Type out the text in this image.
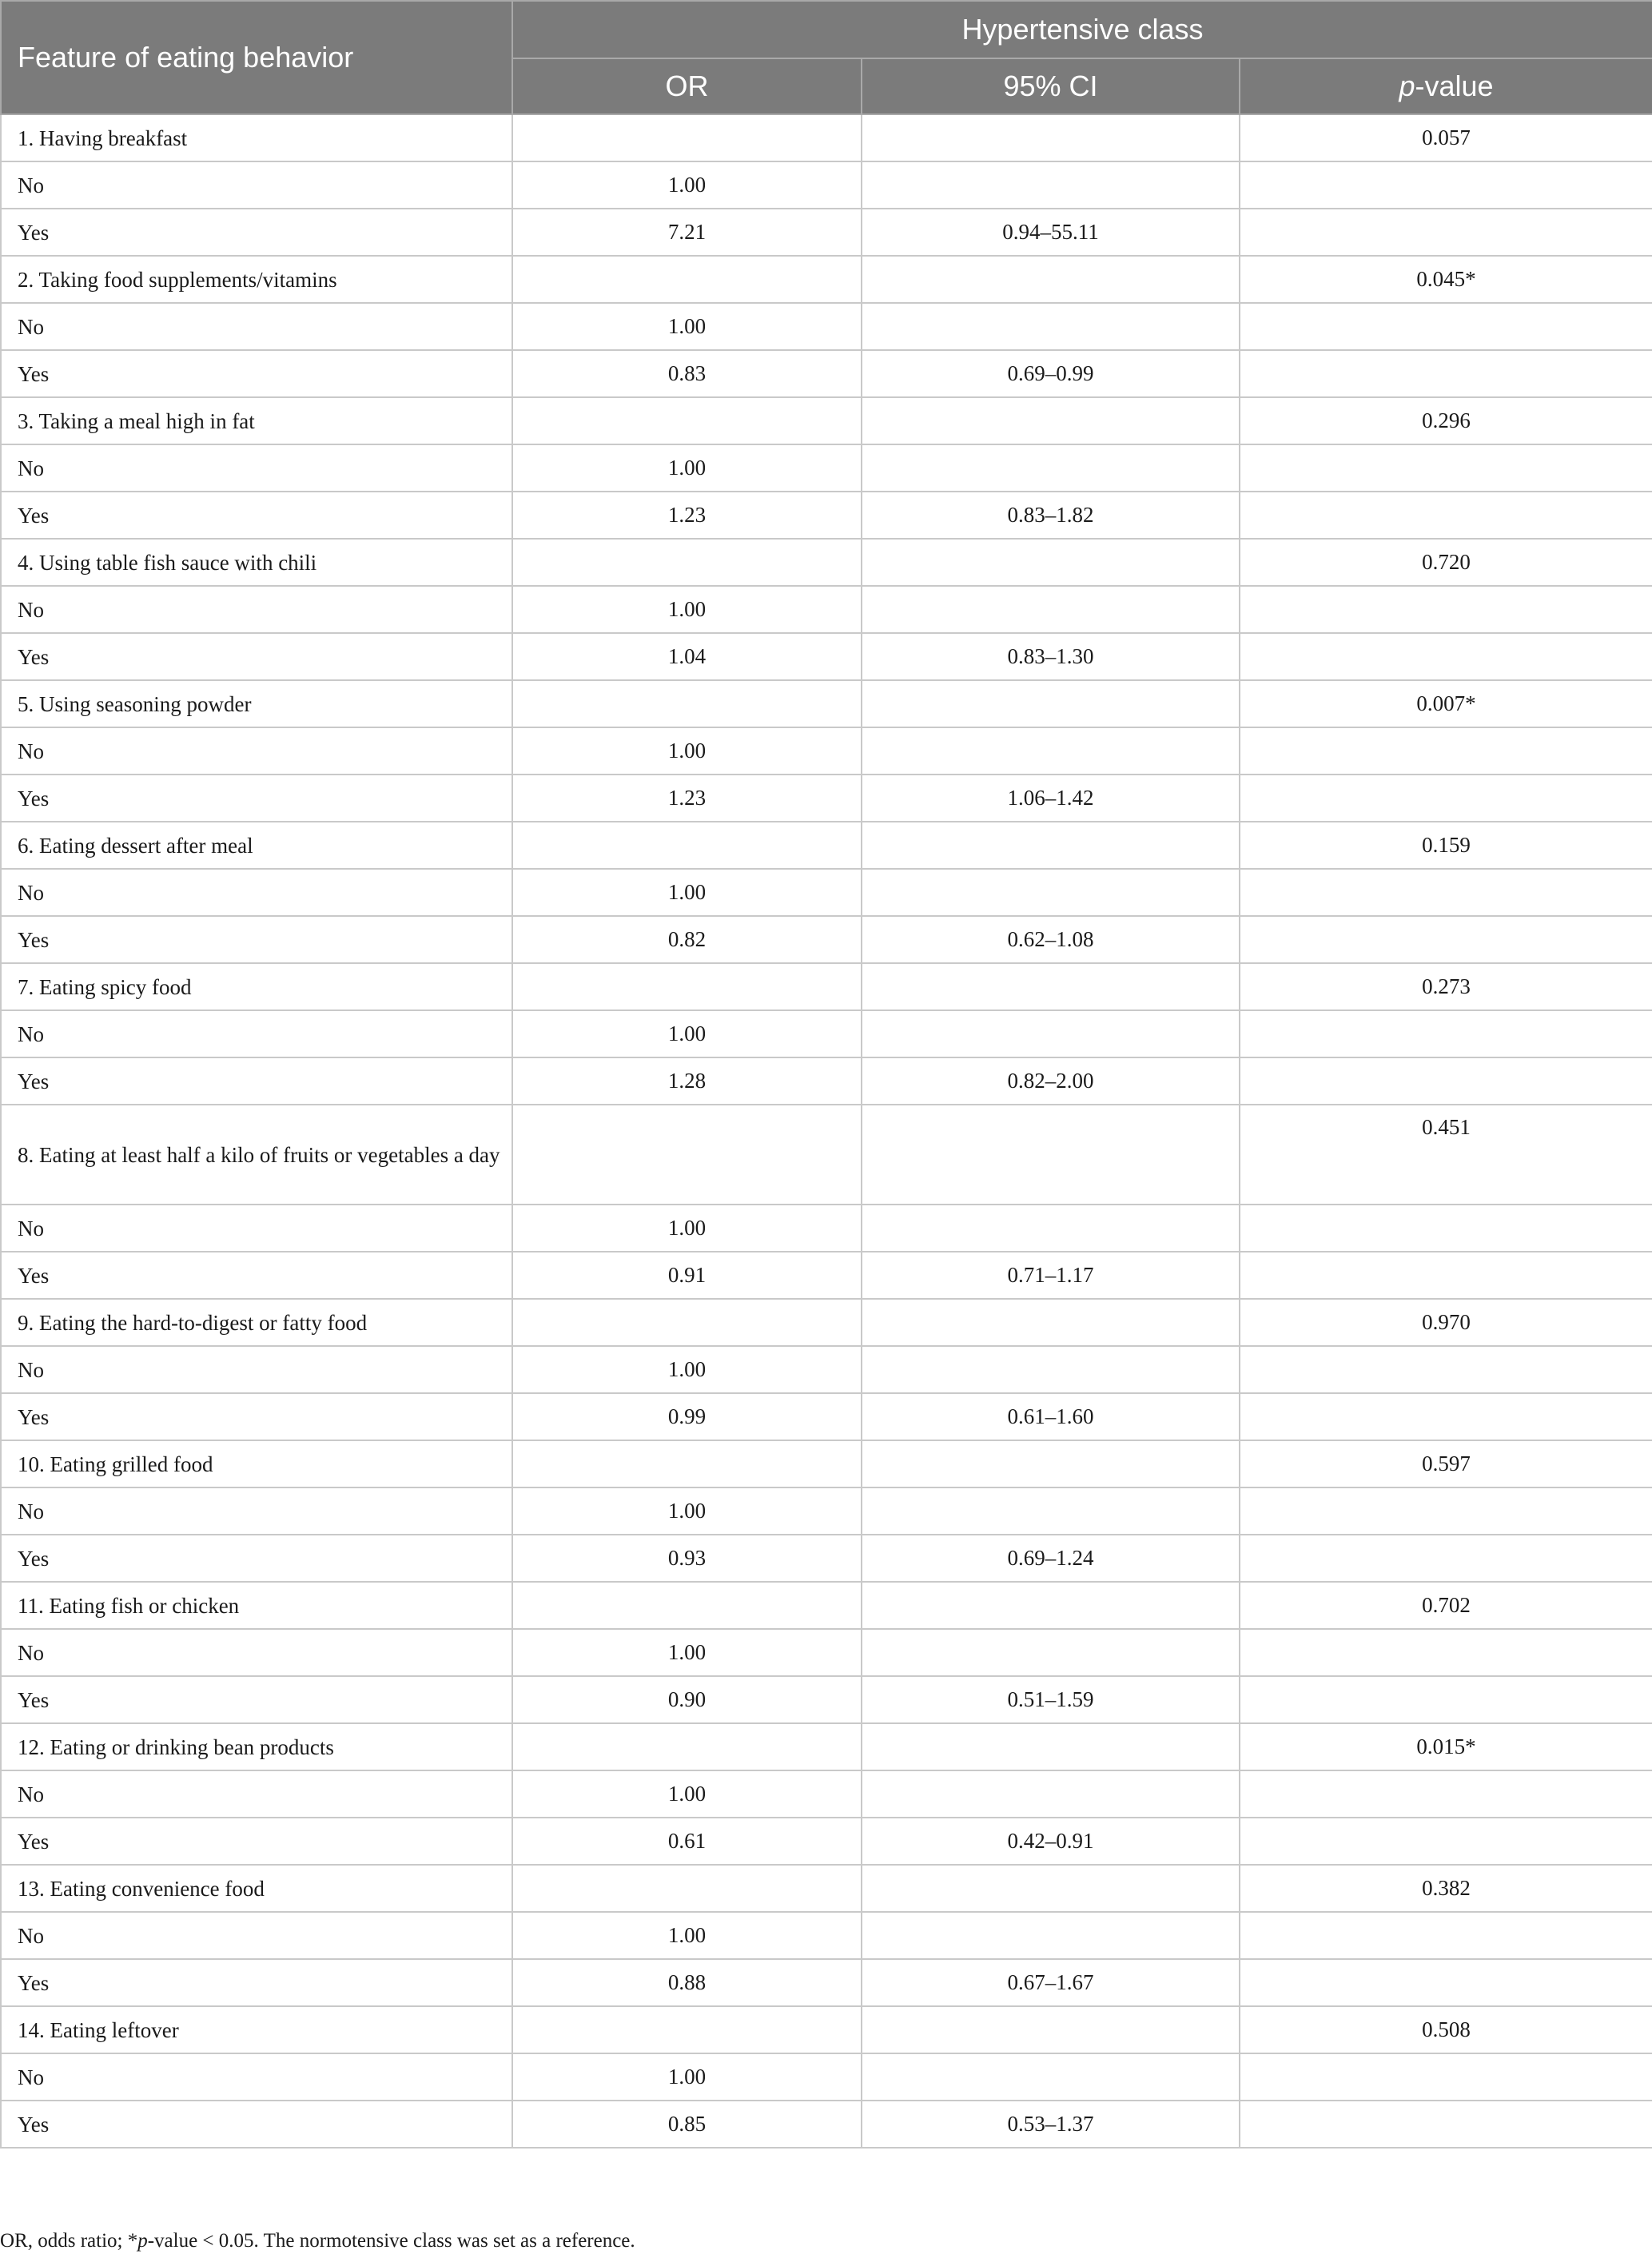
Feature of eating behavior	Hypertensive class		
	OR	95% CI	p-value
1. Having breakfast			0.057
No	1.00		
Yes	7.21	0.94–55.11	
2. Taking food supplements/vitamins			0.045*
No	1.00		
Yes	0.83	0.69–0.99	
3. Taking a meal high in fat			0.296
No	1.00		
Yes	1.23	0.83–1.82	
4. Using table fish sauce with chili			0.720
No	1.00		
Yes	1.04	0.83–1.30	
5. Using seasoning powder			0.007*
No	1.00		
Yes	1.23	1.06–1.42	
6. Eating dessert after meal			0.159
No	1.00		
Yes	0.82	0.62–1.08	
7. Eating spicy food			0.273
No	1.00		
Yes	1.28	0.82–2.00	
8. Eating at least half a kilo of fruits or vegetables a day			0.451
No	1.00		
Yes	0.91	0.71–1.17	
9. Eating the hard-to-digest or fatty food			0.970
No	1.00		
Yes	0.99	0.61–1.60	
10. Eating grilled food			0.597
No	1.00		
Yes	0.93	0.69–1.24	
11. Eating fish or chicken			0.702
No	1.00		
Yes	0.90	0.51–1.59	
12. Eating or drinking bean products			0.015*
No	1.00		
Yes	0.61	0.42–0.91	
13. Eating convenience food			0.382
No	1.00		
Yes	0.88	0.67–1.67	
14. Eating leftover			0.508
No	1.00		
Yes	0.85	0.53–1.37	
OR, odds ratio; *p-value < 0.05. The normotensive class was set as a reference.
